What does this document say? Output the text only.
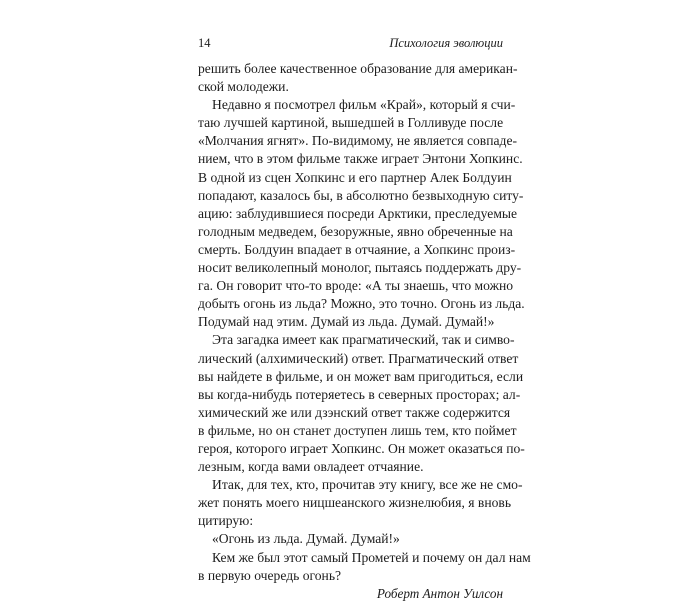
14	Психология эволюции
решить более качественное образование для американ-
ской молодежи.
Недавно я посмотрел фильм «Край», который я счи-
таю лучшей картиной, вышедшей в Голливуде после
«Молчания ягнят». По-видимому, не является совпаде-
нием, что в этом фильме также играет Энтони Хопкинс.
В одной из сцен Хопкинс и его партнер Алек Болдуин
попадают, казалось бы, в абсолютно безвыходную ситу-
ацию: заблудившиеся посреди Арктики, преследуемые
голодным медведем, безоружные, явно обреченные на
смерть. Болдуин впадает в отчаяние, а Хопкинс произ-
носит великолепный монолог, пытаясь поддержать дру-
га. Он говорит что-то вроде: «А ты знаешь, что можно
добыть огонь из льда? Можно, это точно. Огонь из льда.
Подумай над этим. Думай из льда. Думай. Думай!»
Эта загадка имеет как прагматический, так и симво-
лический (алхимический) ответ. Прагматический ответ
вы найдете в фильме, и он может вам пригодиться, если
вы когда-нибудь потеряетесь в северных просторах; ал-
химический же или дзэнский ответ также содержится
в фильме, но он станет доступен лишь тем, кто поймет
героя, которого играет Хопкинс. Он может оказаться по-
лезным, когда вами овладеет отчаяние.
Итак, для тех, кто, прочитав эту книгу, все же не смо-
жет понять моего ницшеанского жизнелюбия, я вновь
цитирую:
«Огонь из льда. Думай. Думай!»
Кем же был этот самый Прометей и почему он дал нам
в первую очередь огонь?
Роберт Антон Уилсон
